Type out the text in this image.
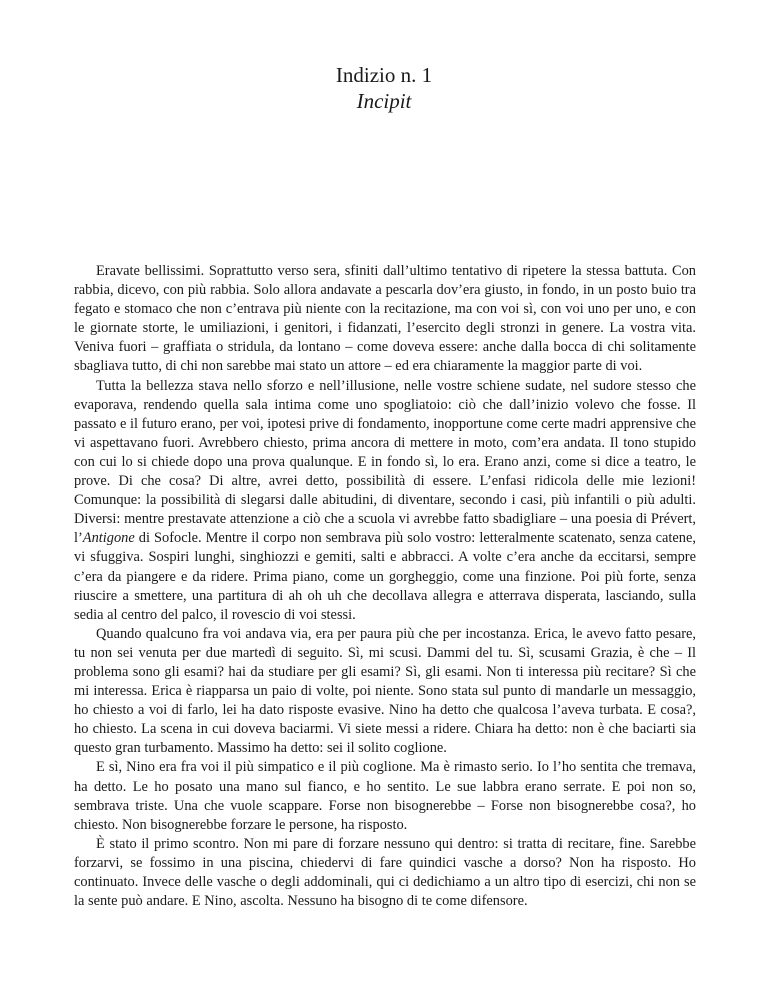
Indizio n. 1
Incipit

Eravate bellissimi. Soprattutto verso sera, sfiniti dall’ultimo tentativo di ripetere la stessa battuta. Con rabbia, dicevo, con più rabbia. Solo allora andavate a pescarla dov’era giusto, in fondo, in un posto buio tra fegato e stomaco che non c’entrava più niente con la recitazione, ma con voi sì, con voi uno per uno, e con le giornate storte, le umiliazioni, i genitori, i fidanzati, l’esercito degli stronzi in genere. La vostra vita. Veniva fuori – graffiata o stridula, da lontano – come doveva essere: anche dalla bocca di chi solitamente sbagliava tutto, di chi non sarebbe mai stato un attore – ed era chiaramente la maggior parte di voi.

Tutta la bellezza stava nello sforzo e nell’illusione, nelle vostre schiene sudate, nel sudore stesso che evaporava, rendendo quella sala intima come uno spogliatoio: ciò che dall’inizio volevo che fosse. Il passato e il futuro erano, per voi, ipotesi prive di fondamento, inopportune come certe madri apprensive che vi aspettavano fuori. Avrebbero chiesto, prima ancora di mettere in moto, com’era andata. Il tono stupido con cui lo si chiede dopo una prova qualunque. E in fondo sì, lo era. Erano anzi, come si dice a teatro, le prove. Di che cosa? Di altre, avrei detto, possibilità di essere. L’enfasi ridicola delle mie lezioni! Comunque: la possibilità di slegarsi dalle abitudini, di diventare, secondo i casi, più infantili o più adulti. Diversi: mentre prestavate attenzione a ciò che a scuola vi avrebbe fatto sbadigliare – una poesia di Prévert, l’Antigone di Sofocle. Mentre il corpo non sembrava più solo vostro: letteralmente scatenato, senza catene, vi sfuggiva. Sospiri lunghi, singhiozzi e gemiti, salti e abbracci. A volte c’era anche da eccitarsi, sempre c’era da piangere e da ridere. Prima piano, come un gorgheggio, come una finzione. Poi più forte, senza riuscire a smettere, una partitura di ah oh uh che decollava allegra e atterrava disperata, lasciando, sulla sedia al centro del palco, il rovescio di voi stessi.

Quando qualcuno fra voi andava via, era per paura più che per incostanza. Erica, le avevo fatto pesare, tu non sei venuta per due martedì di seguito. Sì, mi scusi. Dammi del tu. Sì, scusami Grazia, è che – Il problema sono gli esami? hai da studiare per gli esami? Sì, gli esami. Non ti interessa più recitare? Sì che mi interessa. Erica è riapparsa un paio di volte, poi niente. Sono stata sul punto di mandarle un messaggio, ho chiesto a voi di farlo, lei ha dato risposte evasive. Nino ha detto che qualcosa l’aveva turbata. E cosa?, ho chiesto. La scena in cui doveva baciarmi. Vi siete messi a ridere. Chiara ha detto: non è che baciarti sia questo gran turbamento. Massimo ha detto: sei il solito coglione.

E sì, Nino era fra voi il più simpatico e il più coglione. Ma è rimasto serio. Io l’ho sentita che tremava, ha detto. Le ho posato una mano sul fianco, e ho sentito. Le sue labbra erano serrate. E poi non so, sembrava triste. Una che vuole scappare. Forse non bisognerebbe – Forse non bisognerebbe cosa?, ho chiesto. Non bisognerebbe forzare le persone, ha risposto.

È stato il primo scontro. Non mi pare di forzare nessuno qui dentro: si tratta di recitare, fine. Sarebbe forzarvi, se fossimo in una piscina, chiedervi di fare quindici vasche a dorso? Non ha risposto. Ho continuato. Invece delle vasche o degli addominali, qui ci dedichiamo a un altro tipo di esercizi, chi non se la sente può andare. E Nino, ascolta. Nessuno ha bisogno di te come difensore.
